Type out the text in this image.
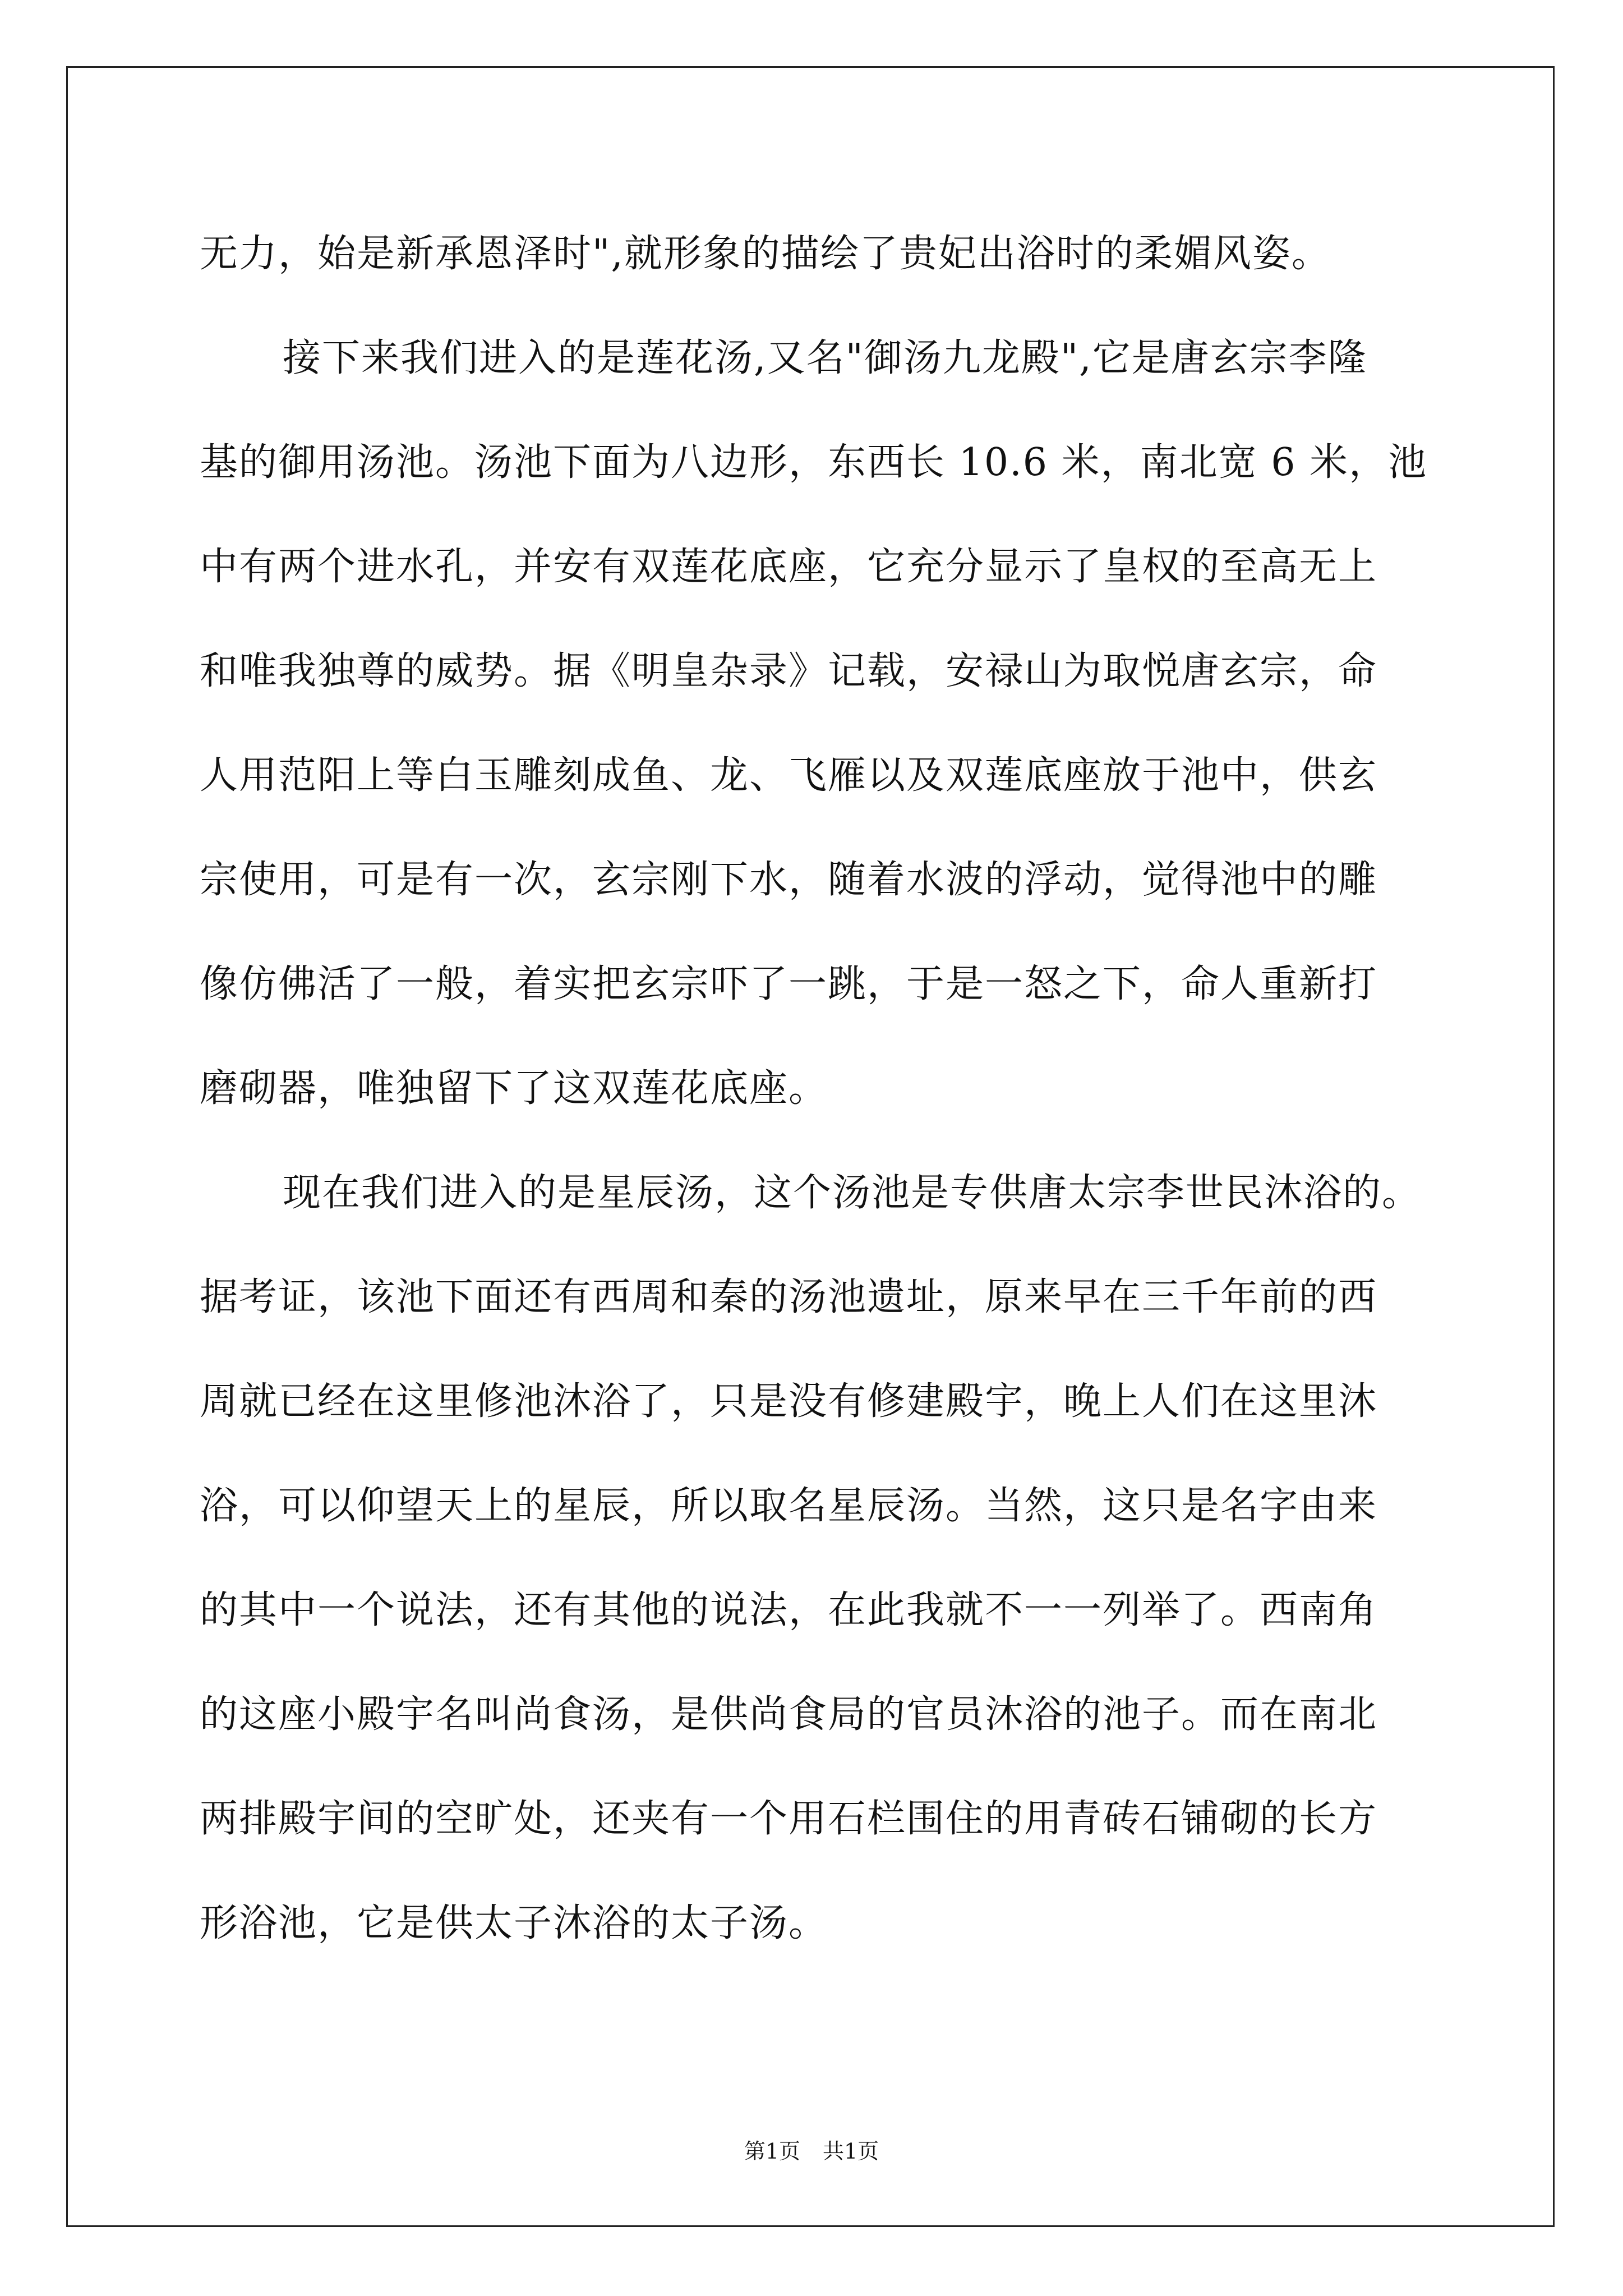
无力，始是新承恩泽时",就形象的描绘了贵妃出浴时的柔媚风姿。
接下来我们进入的是莲花汤,又名"御汤九龙殿",它是唐玄宗李隆
基的御用汤池。汤池下面为八边形，东西长 10.6 米，南北宽 6 米，池
中有两个进水孔，并安有双莲花底座，它充分显示了皇权的至高无上
和唯我独尊的威势。据《明皇杂录》记载，安禄山为取悦唐玄宗，命
人用范阳上等白玉雕刻成鱼、龙、飞雁以及双莲底座放于池中，供玄
宗使用，可是有一次，玄宗刚下水，随着水波的浮动，觉得池中的雕
像仿佛活了一般，着实把玄宗吓了一跳，于是一怒之下，命人重新打
磨砌器，唯独留下了这双莲花底座。
现在我们进入的是星辰汤，这个汤池是专供唐太宗李世民沐浴的。
据考证，该池下面还有西周和秦的汤池遗址，原来早在三千年前的西
周就已经在这里修池沐浴了，只是没有修建殿宇，晚上人们在这里沐
浴，可以仰望天上的星辰，所以取名星辰汤。当然，这只是名字由来
的其中一个说法，还有其他的说法，在此我就不一一列举了。西南角
的这座小殿宇名叫尚食汤，是供尚食局的官员沐浴的池子。而在南北
两排殿宇间的空旷处，还夹有一个用石栏围住的用青砖石铺砌的长方
形浴池，它是供太子沐浴的太子汤。
第1页 共1页
